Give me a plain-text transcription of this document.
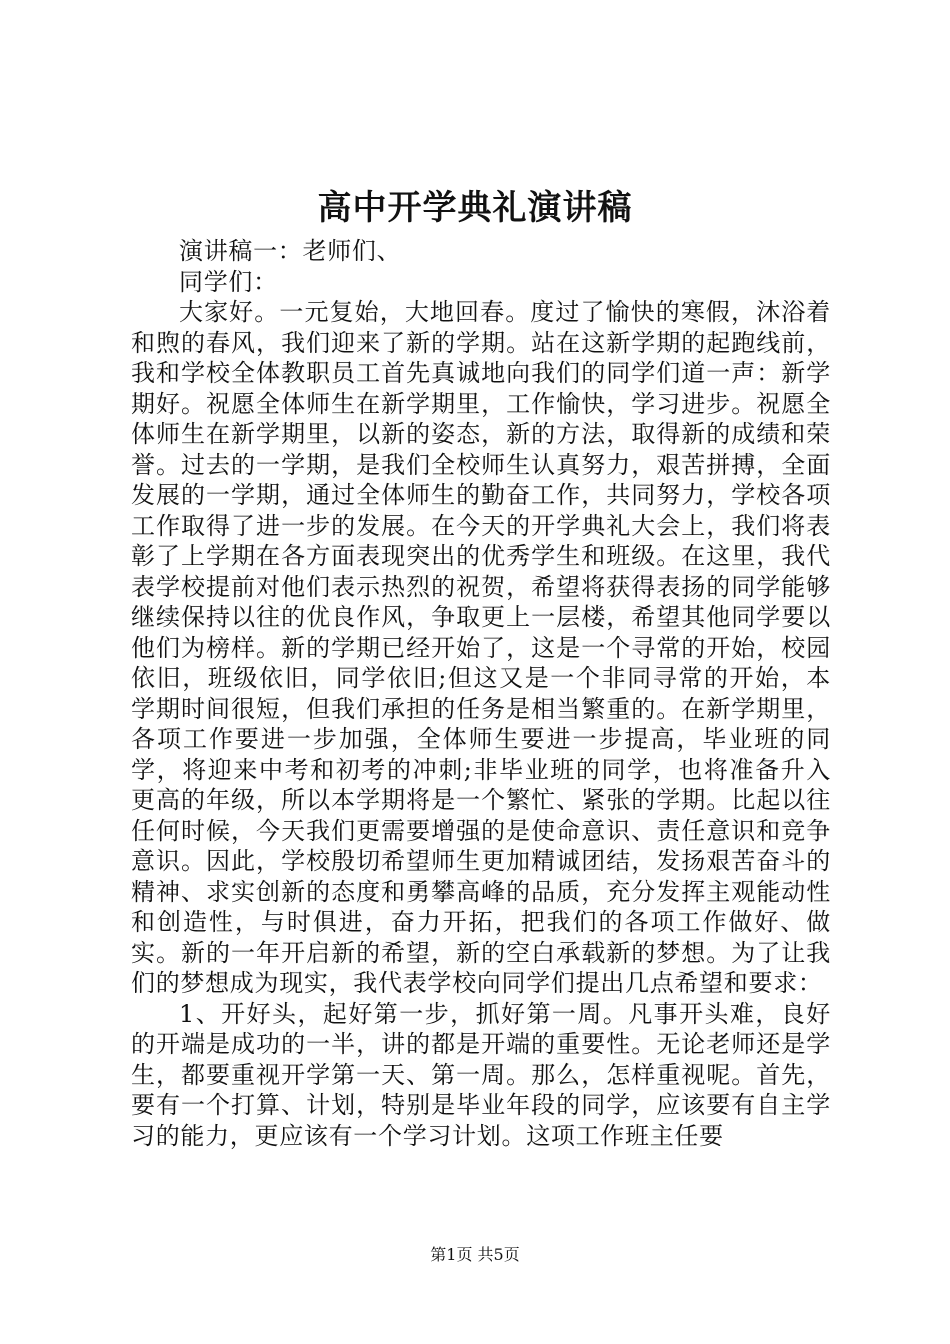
高中开学典礼演讲稿

演讲稿一：老师们、

同学们：

大家好。一元复始，大地回春。度过了愉快的寒假，沐浴着和煦的春风，我们迎来了新的学期。站在这新学期的起跑线前，我和学校全体教职员工首先真诚地向我们的同学们道一声：新学期好。祝愿全体师生在新学期里，工作愉快，学习进步。祝愿全体师生在新学期里，以新的姿态，新的方法，取得新的成绩和荣誉。过去的一学期，是我们全校师生认真努力，艰苦拼搏，全面发展的一学期，通过全体师生的勤奋工作，共同努力，学校各项工作取得了进一步的发展。在今天的开学典礼大会上，我们将表彰了上学期在各方面表现突出的优秀学生和班级。在这里，我代表学校提前对他们表示热烈的祝贺，希望将获得表扬的同学能够继续保持以往的优良作风，争取更上一层楼，希望其他同学要以他们为榜样。新的学期已经开始了，这是一个寻常的开始，校园依旧，班级依旧，同学依旧;但这又是一个非同寻常的开始，本学期时间很短，但我们承担的任务是相当繁重的。在新学期里，各项工作要进一步加强，全体师生要进一步提高，毕业班的同学，将迎来中考和初考的冲刺;非毕业班的同学，也将准备升入更高的年级，所以本学期将是一个繁忙、紧张的学期。比起以往任何时候，今天我们更需要增强的是使命意识、责任意识和竞争意识。因此，学校殷切希望师生更加精诚团结，发扬艰苦奋斗的精神、求实创新的态度和勇攀高峰的品质，充分发挥主观能动性和创造性，与时俱进，奋力开拓，把我们的各项工作做好、做实。新的一年开启新的希望，新的空白承载新的梦想。为了让我们的梦想成为现实，我代表学校向同学们提出几点希望和要求：

1、开好头，起好第一步，抓好第一周。凡事开头难，良好的开端是成功的一半，讲的都是开端的重要性。无论老师还是学生，都要重视开学第一天、第一周。那么，怎样重视呢。首先，要有一个打算、计划，特别是毕业年段的同学，应该要有自主学习的能力，更应该有一个学习计划。这项工作班主任要

第1页 共5页
